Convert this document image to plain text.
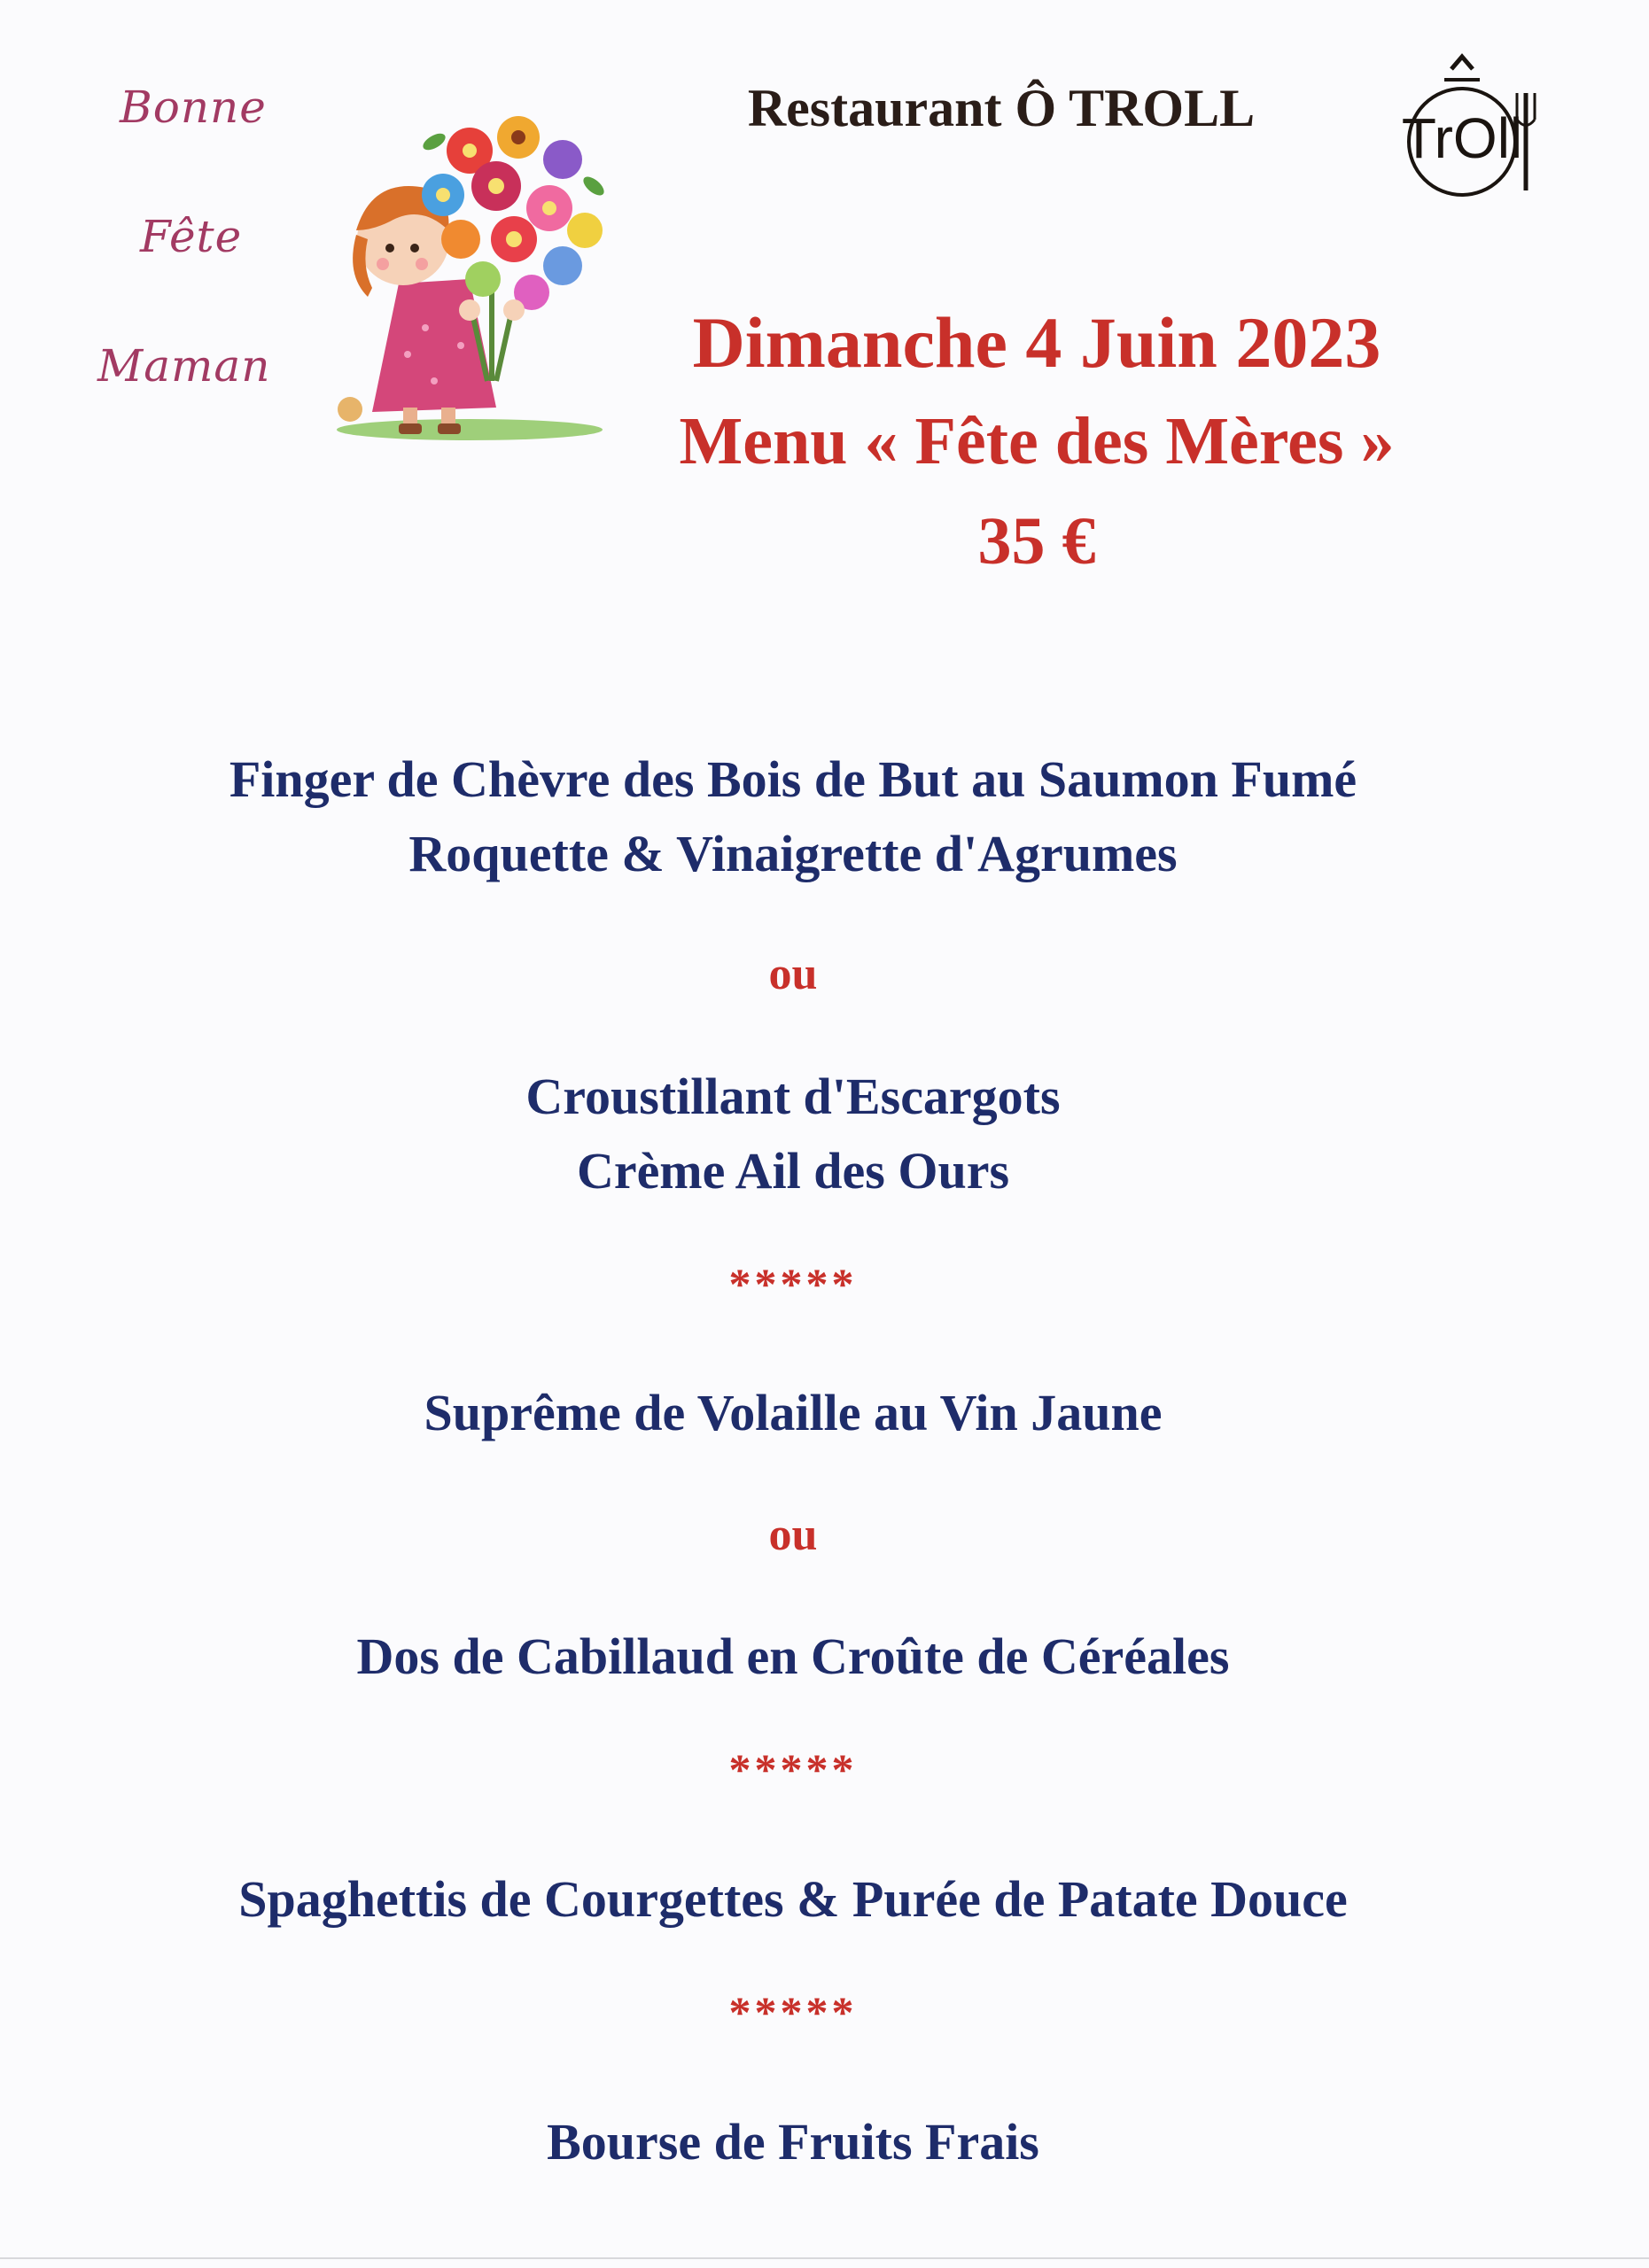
Bonne
Fête
Maman
Restaurant Ô TROLL	TrOll
Dimanche 4 Juin 2023
Menu « Fête des Mères »
35 €
Finger de Chèvre des Bois de But au Saumon Fumé
Roquette & Vinaigrette d'Agrumes
ou
Croustillant d'Escargots
Crème Ail des Ours
*****
Suprême de Volaille au Vin Jaune
ou
Dos de Cabillaud en Croûte de Céréales
*****
Spaghettis de Courgettes & Purée de Patate Douce
*****
Bourse de Fruits Frais
